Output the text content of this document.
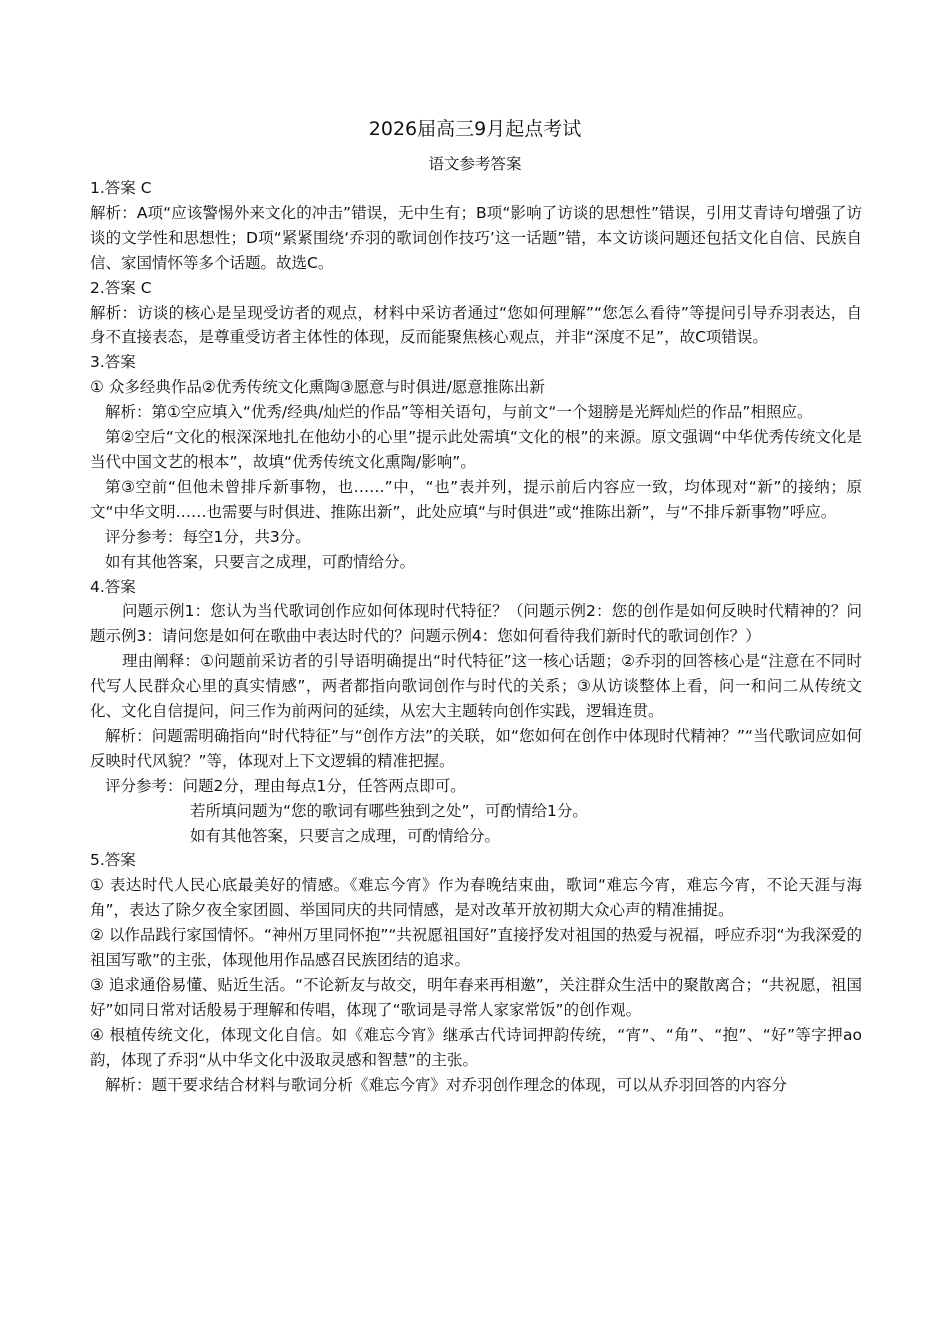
2026届高三9月起点考试
语文参考答案

1.答案 C

解析：A项“应该警惕外来文化的冲击”错误，无中生有；B项“影响了访谈的思想性”错误，引用艾青诗句增强了访谈的文学性和思想性；D项“紧紧围绕‘乔羽的歌词创作技巧’这一话题”错，本文访谈问题还包括文化自信、民族自信、家国情怀等多个话题。故选C。

2.答案 C

解析：访谈的核心是呈现受访者的观点，材料中采访者通过“您如何理解”“您怎么看待”等提问引导乔羽表达，自身不直接表态，是尊重受访者主体性的体现，反而能聚焦核心观点，并非“深度不足”，故C项错误。

3.答案

① 众多经典作品②优秀传统文化熏陶③愿意与时俱进/愿意推陈出新

解析：第①空应填入“优秀/经典/灿烂的作品”等相关语句，与前文“一个翅膀是光辉灿烂的作品”相照应。

第②空后“文化的根深深地扎在他幼小的心里”提示此处需填“文化的根”的来源。原文强调“中华优秀传统文化是当代中国文艺的根本”，故填“优秀传统文化熏陶/影响”。

第③空前“但他未曾排斥新事物，也……”中，“也”表并列，提示前后内容应一致，均体现对“新”的接纳；原文“中华文明……也需要与时俱进、推陈出新”，此处应填“与时俱进”或“推陈出新”，与“不排斥新事物”呼应。

评分参考：每空1分，共3分。

如有其他答案，只要言之成理，可酌情给分。

4.答案

问题示例1：您认为当代歌词创作应如何体现时代特征？（问题示例2：您的创作是如何反映时代精神的？问题示例3：请问您是如何在歌曲中表达时代的？问题示例4：您如何看待我们新时代的歌词创作？）

理由阐释：①问题前采访者的引导语明确提出“时代特征”这一核心话题；②乔羽的回答核心是“注意在不同时代写人民群众心里的真实情感”，两者都指向歌词创作与时代的关系；③从访谈整体上看，问一和问二从传统文化、文化自信提问，问三作为前两问的延续，从宏大主题转向创作实践，逻辑连贯。

解析：问题需明确指向“时代特征”与“创作方法”的关联，如“您如何在创作中体现时代精神？”“当代歌词应如何反映时代风貌？”等，体现对上下文逻辑的精准把握。

评分参考：问题2分，理由每点1分，任答两点即可。

若所填问题为“您的歌词有哪些独到之处”，可酌情给1分。

如有其他答案，只要言之成理，可酌情给分。

5.答案

① 表达时代人民心底最美好的情感。《难忘今宵》作为春晚结束曲，歌词“难忘今宵，难忘今宵，不论天涯与海角”，表达了除夕夜全家团圆、举国同庆的共同情感，是对改革开放初期大众心声的精准捕捉。

② 以作品践行家国情怀。“神州万里同怀抱”“共祝愿祖国好”直接抒发对祖国的热爱与祝福，呼应乔羽“为我深爱的祖国写歌”的主张，体现他用作品感召民族团结的追求。

③ 追求通俗易懂、贴近生活。“不论新友与故交，明年春来再相邀”，关注群众生活中的聚散离合；“共祝愿，祖国好”如同日常对话般易于理解和传唱，体现了“歌词是寻常人家家常饭”的创作观。

④ 根植传统文化，体现文化自信。如《难忘今宵》继承古代诗词押韵传统，“宵”、“角”、“抱”、“好”等字押ao韵，体现了乔羽“从中华文化中汲取灵感和智慧”的主张。

解析：题干要求结合材料与歌词分析《难忘今宵》对乔羽创作理念的体现，可以从乔羽回答的内容分
